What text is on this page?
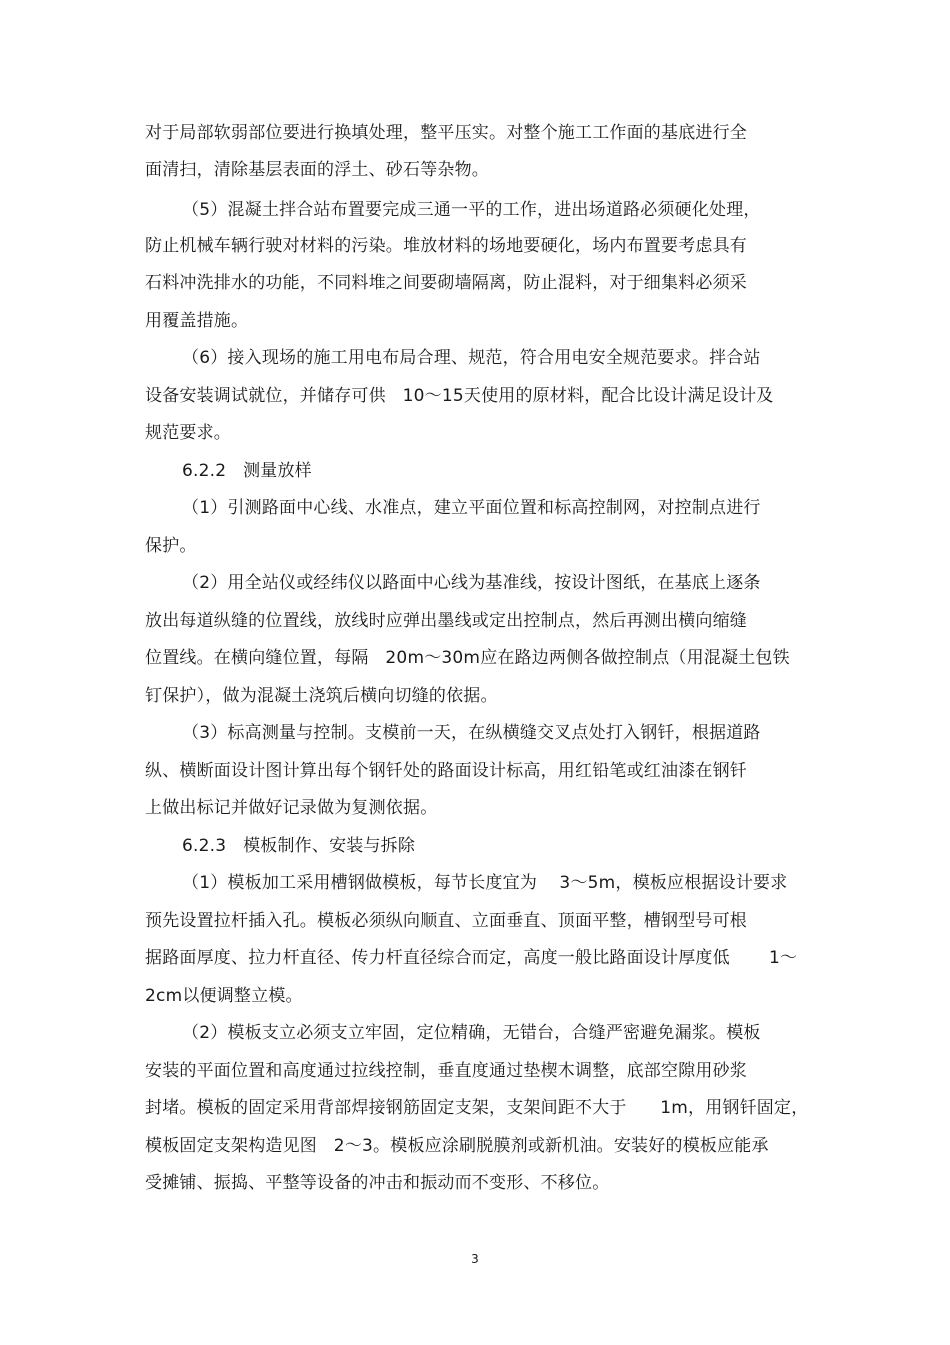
对于局部软弱部位要进行换填处理，整平压实。对整个施工工作面的基底进行全
面清扫，清除基层表面的浮土、砂石等杂物。
（5）混凝土拌合站布置要完成三通一平的工作，进出场道路必须硬化处理，
防止机械车辆行驶对材料的污染。堆放材料的场地要硬化，场内布置要考虑具有
石料冲洗排水的功能，不同料堆之间要砌墙隔离，防止混料，对于细集料必须采
用覆盖措施。
（6）接入现场的施工用电布局合理、规范，符合用电安全规范要求。拌合站
设备安装调试就位，并储存可供   10～15天使用的原材料，配合比设计满足设计及
规范要求。
6.2.2   测量放样
（1）引测路面中心线、水准点，建立平面位置和标高控制网，对控制点进行
保护。
（2）用全站仪或经纬仪以路面中心线为基准线，按设计图纸，在基底上逐条
放出每道纵缝的位置线，放线时应弹出墨线或定出控制点，然后再测出横向缩缝
位置线。在横向缝位置，每隔   20m～30m应在路边两侧各做控制点（用混凝土包铁
钉保护），做为混凝土浇筑后横向切缝的依据。
（3）标高测量与控制。支模前一天，在纵横缝交叉点处打入钢钎，根据道路
纵、横断面设计图计算出每个钢钎处的路面设计标高，用红铅笔或红油漆在钢钎
上做出标记并做好记录做为复测依据。
6.2.3   模板制作、安装与拆除
（1）模板加工采用槽钢做模板，每节长度宜为    3～5m，模板应根据设计要求
预先设置拉杆插入孔。模板必须纵向顺直、立面垂直、顶面平整，槽钢型号可根
据路面厚度、拉力杆直径、传力杆直径综合而定，高度一般比路面设计厚度低       1～
2cm以便调整立模。
（2）模板支立必须支立牢固，定位精确，无错台，合缝严密避免漏浆。模板
安装的平面位置和高度通过拉线控制，垂直度通过垫楔木调整，底部空隙用砂浆
封堵。模板的固定采用背部焊接钢筋固定支架，支架间距不大于      1m，用钢钎固定，
模板固定支架构造见图   2～3。模板应涂刷脱膜剂或新机油。安装好的模板应能承
受摊铺、振捣、平整等设备的冲击和振动而不变形、不移位。
3
